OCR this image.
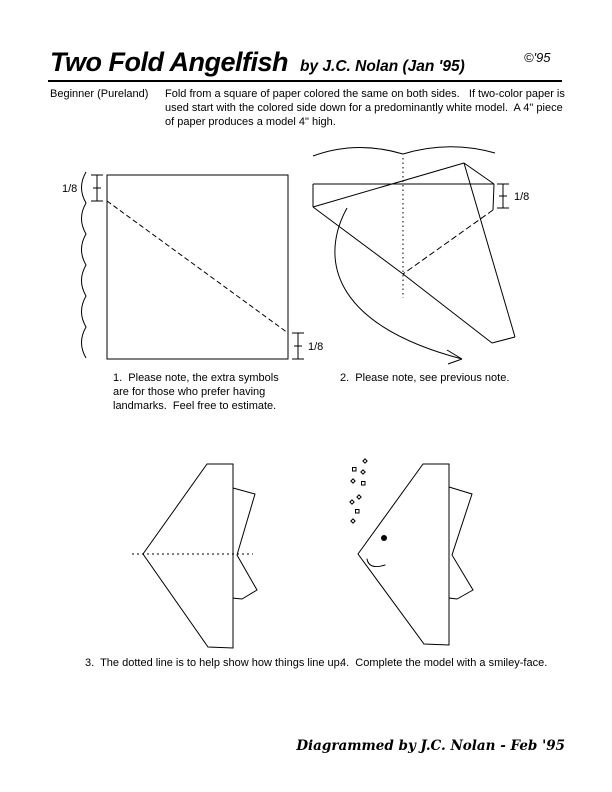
Two Fold Angelfish by J.C. Nolan (Jan '95)
©'95
Beginner (Pureland) Fold from a square of paper colored the same on both sides.   If two-color paper is used start with the colored side down for a predominantly white model.  A 4" piece of paper produces a model 4" high.
1/8
1/8
1/8
1.  Please note, the extra symbols are for those who prefer having landmarks.  Feel free to estimate.
2.  Please note, see previous note.
3.  The dotted line is to help show how things line up.
4.  Complete the model with a smiley-face.
Diagrammed by J.C. Nolan - Feb '95
